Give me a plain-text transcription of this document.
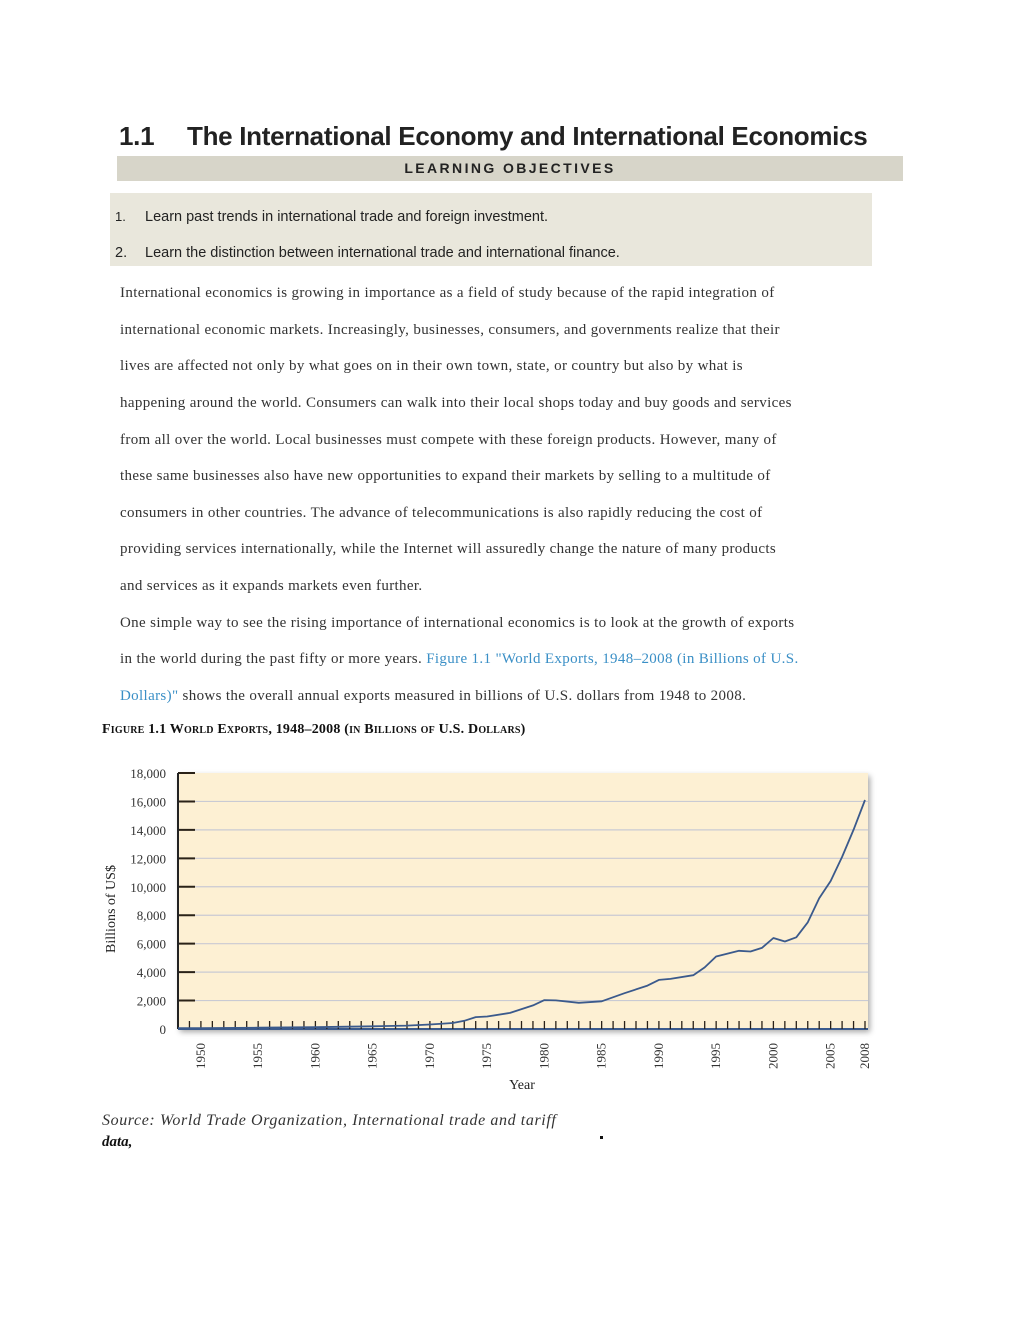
1.1 The International Economy and International Economics
LEARNING OBJECTIVES
1. Learn past trends in international trade and foreign investment.
2. Learn the distinction between international trade and international finance.
International economics is growing in importance as a field of study because of the rapid integration of
international economic markets. Increasingly, businesses, consumers, and governments realize that their
lives are affected not only by what goes on in their own town, state, or country but also by what is
happening around the world. Consumers can walk into their local shops today and buy goods and services
from all over the world. Local businesses must compete with these foreign products. However, many of
these same businesses also have new opportunities to expand their markets by selling to a multitude of
consumers in other countries. The advance of telecommunications is also rapidly reducing the cost of
providing services internationally, while the Internet will assuredly change the nature of many products
and services as it expands markets even further.
One simple way to see the rising importance of international economics is to look at the growth of exports
in the world during the past fifty or more years. Figure 1.1 "World Exports, 1948–2008 (in Billions of U.S.
Dollars)" shows the overall annual exports measured in billions of U.S. dollars from 1948 to 2008.
Figure 1.1 World Exports, 1948–2008 (in Billions of U.S. Dollars)
0
2,000
4,000
6,000
8,000
10,000
12,000
14,000
16,000
18,000
1950	1955	1960	1965	1970	1975	1980	1985	1990	1995	2000	2005 2008
Year
Billions of US$
Source: World Trade Organization, International trade and tariff
data,
